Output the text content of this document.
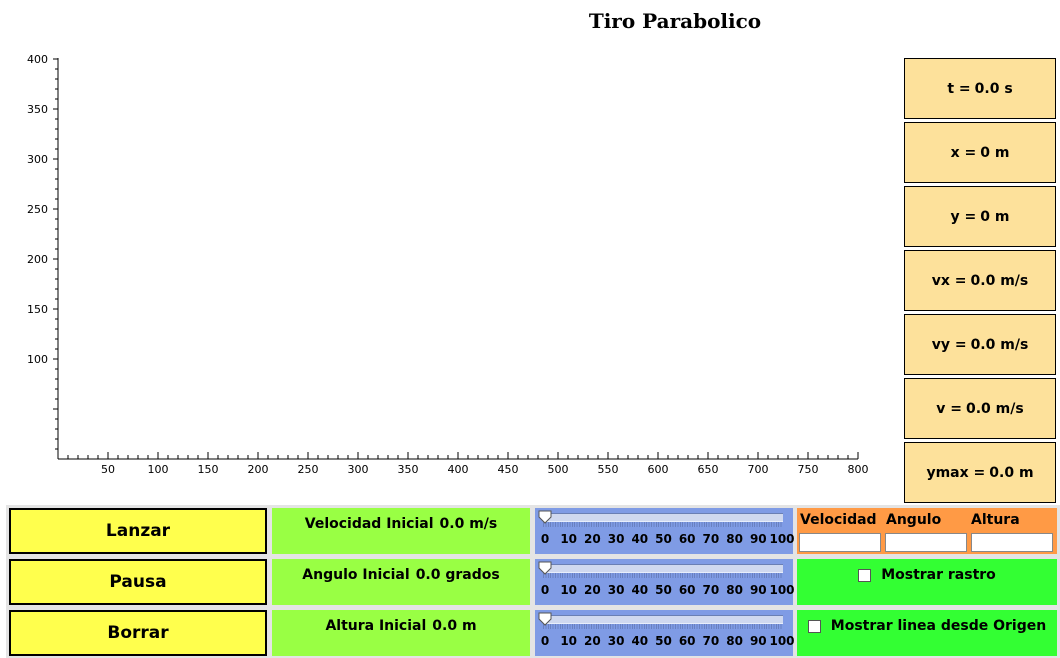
Tiro Parabolico
50	100	150	200	250	300	350	400	450	500	550	600	650	700	750	800
100
150
200
250
300
350
400
t = 0.0 s
x = 0 m
y = 0 m
vx = 0.0 m/s
vy = 0.0 m/s
v = 0.0 m/s
ymax = 0.0 m
Lanzar
Pausa
Borrar
Velocidad Inicial 0.0 m/s
Angulo Inicial 0.0 grados
Altura Inicial 0.0 m
0 10 20 30 40 50 60 70 80 90 100
0 10 20 30 40 50 60 70 80 90 100
0 10 20 30 40 50 60 70 80 90 100
Velocidad Angulo Altura
Mostrar rastro
Mostrar linea desde Origen
